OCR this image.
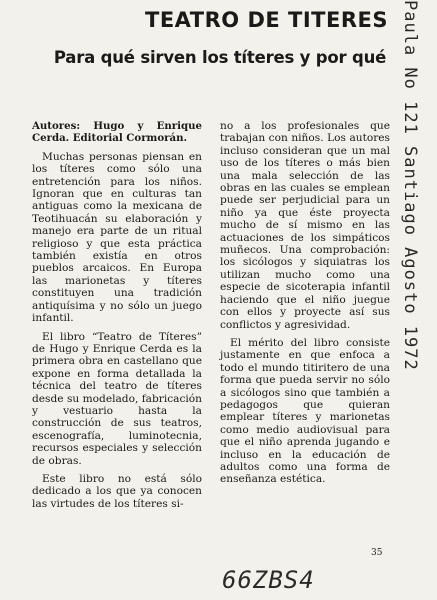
TEATRO DE TITERES
Para qué sirven los títeres y por qué

Autores: Hugo y Enrique Cerda. Editorial Cormorán.

Muchas personas piensan en los títeres como sólo una entretención para los niños. Ignoran que en culturas tan antiguas como la mexicana de Teotihuacán su elaboración y manejo era parte de un ritual religioso y que esta práctica también existía en otros pueblos arcaicos. En Europa las marionetas y títeres constituyen una tradición antiquísima y no sólo un juego infantil.

El libro “Teatro de Títeres” de Hugo y Enrique Cerda es la primera obra en castellano que expone en forma detallada la técnica del teatro de títeres desde su modelado, fabricación y vestuario hasta la construcción de sus teatros, escenografía, luminotecnia, recursos especiales y selección de obras.

Este libro no está sólo dedicado a los que ya conocen las virtudes de los títeres si-

no a los profesionales que trabajan con niños. Los autores incluso consideran que un mal uso de los títeres o más bien una mala selección de las obras en las cuales se emplean puede ser perjudicial para un niño ya que éste proyecta mucho de sí mismo en las actuaciones de los simpáticos muñecos. Una comprobación: los sicólogos y siquiatras los utilizan mucho como una especie de sicoterapia infantil haciendo que el niño juegue con ellos y proyecte así sus conflictos y agresividad.

El mérito del libro consiste justamente en que enfoca a todo el mundo titiritero de una forma que pueda servir no sólo a sicólogos sino que también a pedagogos que quieran emplear títeres y marionetas como medio audiovisual para que el niño aprenda jugando e incluso en la educación de adultos como una forma de enseñanza estética.

35
Paula No 121 Santiago Agosto 1972
66ZBS4
